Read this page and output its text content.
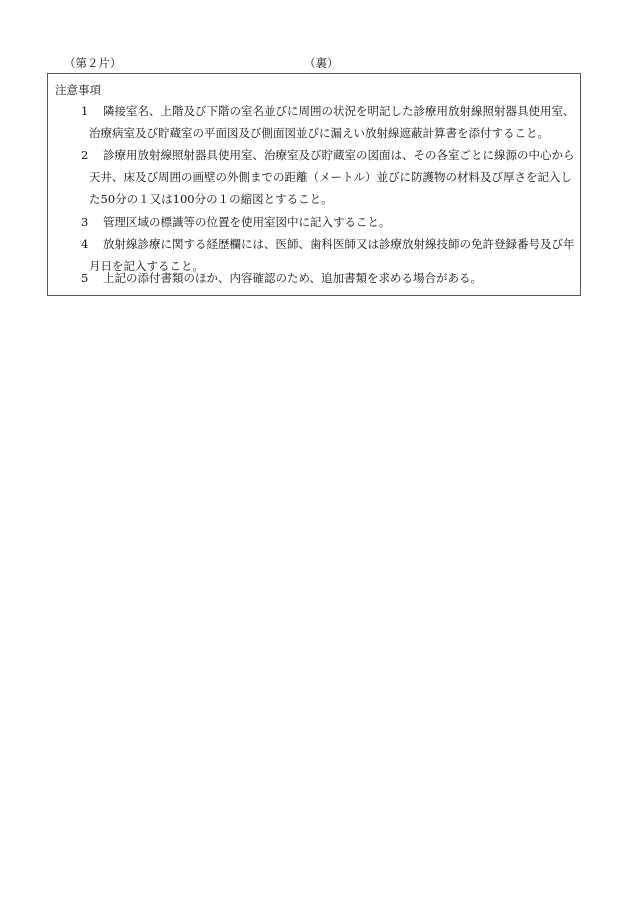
（第２片）	（裏）
注意事項
1	隣接室名、上階及び下階の室名並びに周囲の状況を明記した診療用放射線照射器具使用室、治療病室及び貯蔵室の平面図及び側面図並びに漏えい放射線遮蔽計算書を添付すること。
2	診療用放射線照射器具使用室、治療室及び貯蔵室の図面は、その各室ごとに線源の中心から天井、床及び周囲の画壁の外側までの距離（メートル）並びに防護物の材料及び厚さを記入した50分の１又は100分の１の縮図とすること。
3	管理区域の標識等の位置を使用室図中に記入すること。
4	放射線診療に関する経歴欄には、医師、歯科医師又は診療放射線技師の免許登録番号及び年月日を記入すること。
5	上記の添付書類のほか、内容確認のため、追加書類を求める場合がある。
